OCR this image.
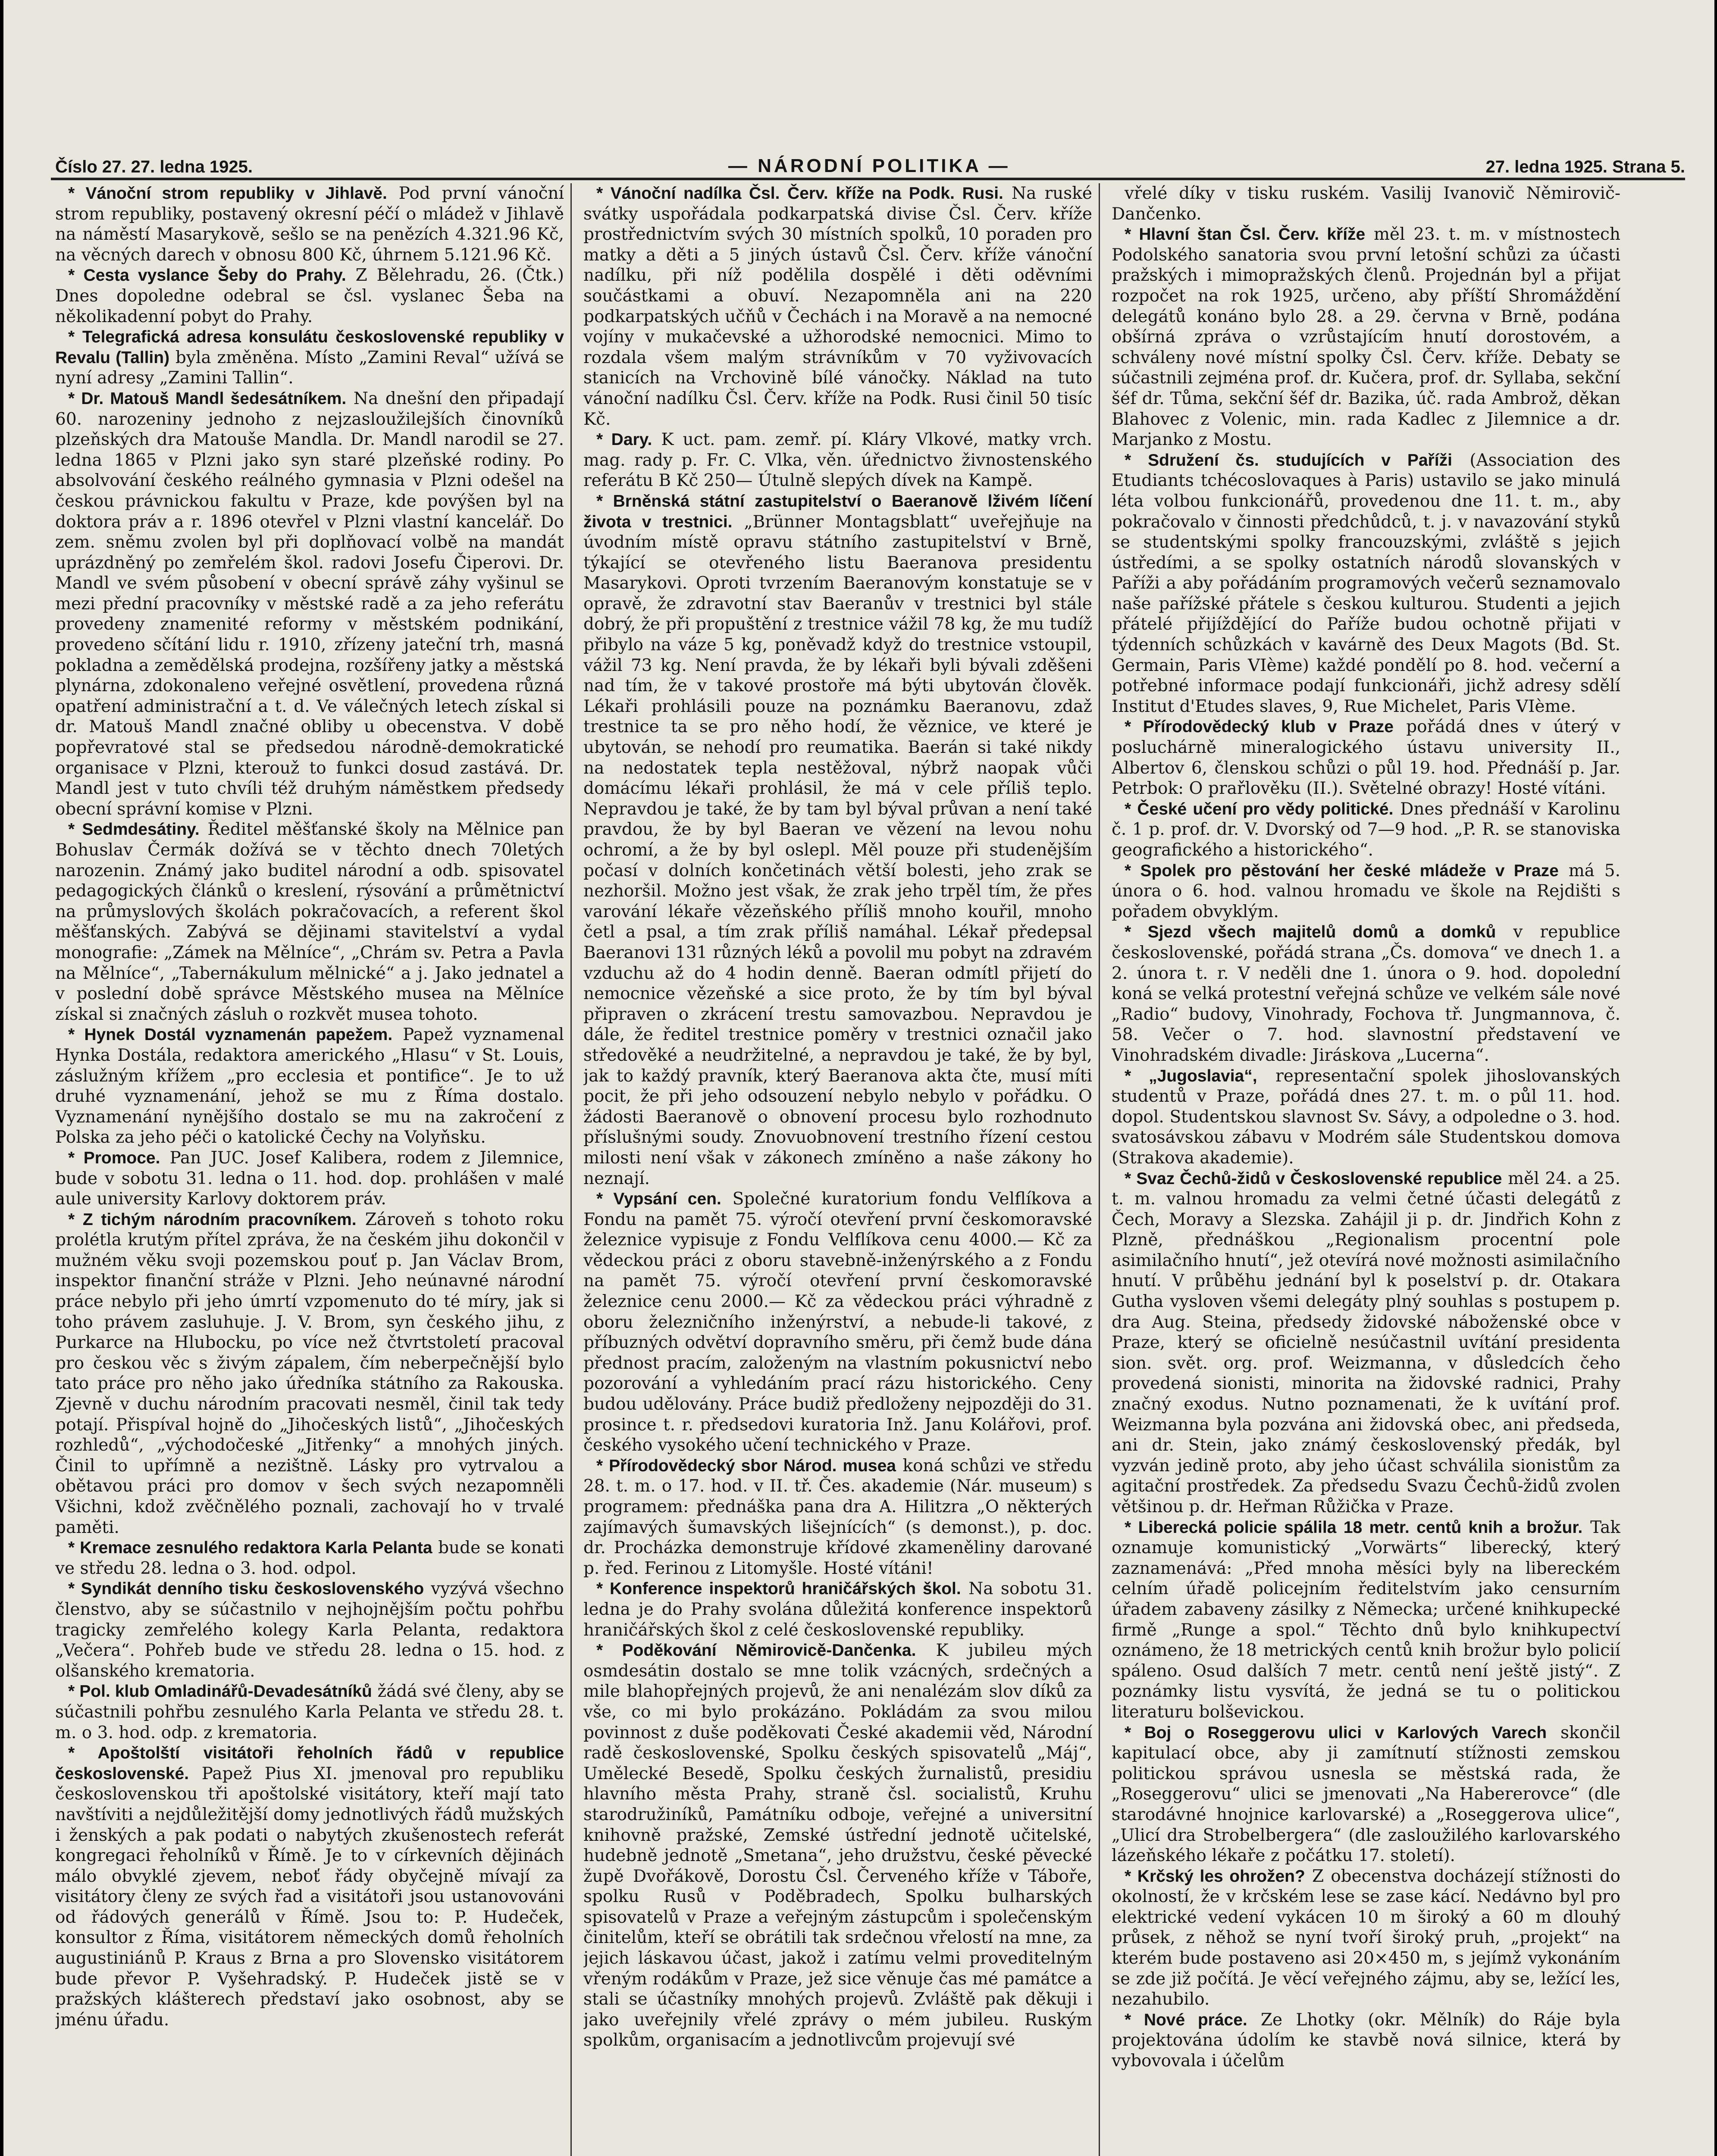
Číslo 27. 27. ledna 1925.	— NÁRODNÍ POLITIKA —	27. ledna 1925. Strana 5.

* Vánoční strom republiky v Jihlavě. Pod první vánoční strom republiky, postavený okresní péčí o mládež v Jihlavě na náměstí Masarykově, sešlo se na penězích 4.321.96 Kč, na věcných darech v obnosu 800 Kč, úhrnem 5.121.96 Kč.

* Cesta vyslance Šeby do Prahy. Z Bělehradu, 26. (Čtk.) Dnes dopoledne odebral se čsl. vyslanec Šeba na několikadenní pobyt do Prahy.

* Telegrafická adresa konsulátu československé republiky v Revalu (Tallin) byla změněna. Místo „Zamini Reval“ užívá se nyní adresy „Zamini Tallin“.

* Dr. Matouš Mandl šedesátníkem. Na dnešní den připadají 60. narozeniny jednoho z nejzasloužilejších činovníků plzeňských dra Matouše Mandla. Dr. Mandl narodil se 27. ledna 1865 v Plzni jako syn staré plzeňské rodiny. Po absolvování českého reálného gymnasia v Plzni odešel na českou právnickou fakultu v Praze, kde povýšen byl na doktora práv a r. 1896 otevřel v Plzni vlastní kancelář. Do zem. sněmu zvolen byl při doplňovací volbě na mandát uprázdněný po zemřelém škol. radovi Josefu Čiperovi. Dr. Mandl ve svém působení v obecní správě záhy vyšinul se mezi přední pracovníky v městské radě a za jeho referátu provedeny znamenité reformy v městském podnikání, provedeno sčítání lidu r. 1910, zřízeny jateční trh, masná pokladna a zemědělská prodejna, rozšířeny jatky a městská plynárna, zdokonaleno veřejné osvětlení, provedena různá opatření administrační a t. d. Ve válečných letech získal si dr. Matouš Mandl značné obliby u obecenstva. V době popřevratové stal se předsedou národně-demokratické organisace v Plzni, kterouž to funkci dosud zastává. Dr. Mandl jest v tuto chvíli též druhým náměstkem předsedy obecní správní komise v Plzni.

* Sedmdesátiny. Ředitel měšťanské školy na Mělnice pan Bohuslav Čermák dožívá se v těchto dnech 70letých narozenin. Známý jako buditel národní a odb. spisovatel pedagogických článků o kreslení, rýsování a průmětnictví na průmyslových školách pokračovacích, a referent škol měšťanských. Zabývá se dějinami stavitelství a vydal monografie: „Zámek na Mělníce“, „Chrám sv. Petra a Pavla na Mělníce“, „Tabernákulum mělnické“ a j. Jako jednatel a v poslední době správce Městského musea na Mělníce získal si značných zásluh o rozkvět musea tohoto.

* Hynek Dostál vyznamenán papežem. Papež vyznamenal Hynka Dostála, redaktora amerického „Hlasu“ v St. Louis, záslužným křížem „pro ecclesia et pontifice“. Je to už druhé vyznamenání, jehož se mu z Říma dostalo. Vyznamenání nynějšího dostalo se mu na zakročení z Polska za jeho péči o katolické Čechy na Volyňsku.

* Promoce. Pan JUC. Josef Kalibera, rodem z Jilemnice, bude v sobotu 31. ledna o 11. hod. dop. prohlášen v malé aule university Karlovy doktorem práv.

* Z tichým národním pracovníkem. Zároveň s tohoto roku prolétla krutým přítel zpráva, že na českém jihu dokončil v mužném věku svoji pozemskou pouť p. Jan Václav Brom, inspektor finanční stráže v Plzni. Jeho neúnavné národní práce nebylo při jeho úmrtí vzpomenuto do té míry, jak si toho právem zasluhuje. J. V. Brom, syn českého jihu, z Purkarce na Hlubocku, po více než čtvrtstoletí pracoval pro českou věc s živým zápalem, čím neberpečnější bylo tato práce pro něho jako úředníka státního za Rakouska. Zjevně v duchu národním pracovati nesměl, činil tak tedy potají. Přispíval hojně do „Jihočeských listů“, „Jihočeských rozhledů“, „východočeské „Jitřenky“ a mnohých jiných. Činil to upřímně a nezištně. Lásky pro vytrvalou a obětavou práci pro domov v šech svých nezapomněli Všichni, kdož zvěčnělého poznali, zachovají ho v trvalé paměti.

* Kremace zesnulého redaktora Karla Pelanta bude se konati ve středu 28. ledna o 3. hod. odpol.

* Syndikát denního tisku československého vyzývá všechno členstvo, aby se súčastnilo v nejhojnějším počtu pohřbu tragicky zemřelého kolegy Karla Pelanta, redaktora „Večera“. Pohřeb bude ve středu 28. ledna o 15. hod. z olšanského krematoria.

* Pol. klub Omladinářů-Devadesátníků žádá své členy, aby se súčastnili pohřbu zesnulého Karla Pelanta ve středu 28. t. m. o 3. hod. odp. z krematoria.

* Apoštolští visitátoři řeholních řádů v republice československé. Papež Pius XI. jmenoval pro republiku československou tři apoštolské visitátory, kteří mají tato navštíviti a nejdůležitější domy jednotlivých řádů mužských i ženských a pak podati o nabytých zkušenostech referát kongregaci řeholníků v Římě. Je to v církevních dějinách málo obvyklé zjevem, neboť řády obyčejně mívají za visitátory členy ze svých řad a visitátoři jsou ustanovováni od řádových generálů v Římě. Jsou to: P. Hudeček, konsultor z Říma, visitátorem německých domů řeholních augustiniánů P. Kraus z Brna a pro Slovensko visitátorem bude převor P. Vyšehradský. P. Hudeček jistě se v pražských klášterech představí jako osobnost, aby se jménu úřadu.

* Vánoční nadílka Čsl. Červ. kříže na Podk. Rusi. Na ruské svátky uspořádala podkarpatská divise Čsl. Červ. kříže prostřednictvím svých 30 místních spolků, 10 poraden pro matky a děti a 5 jiných ústavů Čsl. Červ. kříže vánoční nadílku, při níž podělila dospělé i děti oděvními součástkami a obuví. Nezapomněla ani na 220 podkarpatských učňů v Čechách i na Moravě a na nemocné vojíny v mukačevské a užhorodské nemocnici. Mimo to rozdala všem malým strávníkům v 70 vyživovacích stanicích na Vrchovině bílé vánočky. Náklad na tuto vánoční nadílku Čsl. Červ. kříže na Podk. Rusi činil 50 tisíc Kč.

* Dary. K uct. pam. zemř. pí. Kláry Vlkové, matky vrch. mag. rady p. Fr. C. Vlka, věn. úřednictvo živnostenského referátu B Kč 250— Útulně slepých dívek na Kampě.

* Brněnská státní zastupitelství o Baeranově lživém líčení života v trestnici. „Brünner Montagsblatt“ uveřejňuje na úvodním místě opravu státního zastupitelství v Brně, týkající se otevřeného listu Baeranova presidentu Masarykovi. Oproti tvrzením Baeranovým konstatuje se v opravě, že zdravotní stav Baeranův v trestnici byl stále dobrý, že při propuštění z trestnice vážil 78 kg, že mu tudíž přibylo na váze 5 kg, poněvadž když do trestnice vstoupil, vážil 73 kg. Není pravda, že by lékaři byli bývali zděšeni nad tím, že v takové prostoře má býti ubytován člověk. Lékaři prohlásili pouze na poznámku Baeranovu, zdaž trestnice ta se pro něho hodí, že věznice, ve které je ubytován, se nehodí pro reumatika. Baerán si také nikdy na nedostatek tepla nestěžoval, nýbrž naopak vůči domácímu lékaři prohlásil, že má v cele příliš teplo. Nepravdou je také, že by tam byl býval průvan a není také pravdou, že by byl Baeran ve vězení na levou nohu ochromí, a že by byl oslepl. Měl pouze při studenějším počasí v dolních končetinách větší bolesti, jeho zrak se nezhoršil. Možno jest však, že zrak jeho trpěl tím, že přes varování lékaře vězeňského příliš mnoho kouřil, mnoho četl a psal, a tím zrak příliš namáhal. Lékař předepsal Baeranovi 131 různých léků a povolil mu pobyt na zdravém vzduchu až do 4 hodin denně. Baeran odmítl přijetí do nemocnice vězeňské a sice proto, že by tím byl býval připraven o zkrácení trestu samovazbou. Nepravdou je dále, že ředitel trestnice poměry v trestnici označil jako středověké a neudržitelné, a nepravdou je také, že by byl, jak to každý pravník, který Baeranova akta čte, musí míti pocit, že při jeho odsouzení nebylo nebylo v pořádku. O žádosti Baeranově o obnovení procesu bylo rozhodnuto příslušnými soudy. Znovuobnovení trestního řízení cestou milosti není však v zákonech zmíněno a naše zákony ho neznají.

* Vypsání cen. Společné kuratorium fondu Velflíkova a Fondu na pamět 75. výročí otevření první českomoravské železnice vypisuje z Fondu Velflíkova cenu 4000.— Kč za vědeckou práci z oboru stavebně-inženýrského a z Fondu na pamět 75. výročí otevření první českomoravské železnice cenu 2000.— Kč za vědeckou práci výhradně z oboru železničního inženýrství, a nebude-li takové, z příbuzných odvětví dopravního směru, při čemž bude dána přednost pracím, založeným na vlastním pokusnictví nebo pozorování a vyhledáním prací rázu historického. Ceny budou udělovány. Práce budiž předloženy nejpozději do 31. prosince t. r. předsedovi kuratoria Inž. Janu Kolářovi, prof. českého vysokého učení technického v Praze.

* Přírodovědecký sbor Národ. musea koná schůzi ve středu 28. t. m. o 17. hod. v II. tř. Čes. akademie (Nár. museum) s programem: přednáška pana dra A. Hilitzra „O některých zajímavých šumavských lišejnících“ (s demonst.), p. doc. dr. Procházka demonstruje křídové zkameněliny darované p. řed. Ferinou z Litomyšle. Hosté vítáni!

* Konference inspektorů hraničářských škol. Na sobotu 31. ledna je do Prahy svolána důležitá konference inspektorů hraničářských škol z celé československé republiky.

* Poděkování Němirovicě-Dančenka. K jubileu mých osmdesátin dostalo se mne tolik vzácných, srdečných a mile blahopřejných projevů, že ani nenalézám slov díků za vše, co mi bylo prokázáno. Pokládám za svou milou povinnost z duše poděkovati České akademii věd, Národní radě československé, Spolku českých spisovatelů „Máj“, Umělecké Besedě, Spolku českých žurnalistů, presidiu hlavního města Prahy, straně čsl. socialistů, Kruhu starodružiníků, Památníku odboje, veřejné a universitní knihovně pražské, Zemské ústřední jednotě učitelské, hudebně jednotě „Smetana“, jeho družstvu, české pěvecké župě Dvořákově, Dorostu Čsl. Červeného kříže v Táboře, spolku Rusů v Poděbradech, Spolku bulharských spisovatelů v Praze a veřejným zástupcům i společenským činitelům, kteří se obrátili tak srdečnou vřelostí na mne, za jejich láskavou účast, jakož i zatímu velmi proveditelným vřeným rodákům v Praze, jež sice věnuje čas mé památce a stali se účastníky mnohých projevů. Zvláště pak děkuji i jako uveřejnily vřelé zprávy o mém jubileu. Ruským spolkům, organisacím a jednotlivcům projevují své

vřelé díky v tisku ruském. Vasilij Ivanovič Němirovič-Dančenko.

* Hlavní štan Čsl. Červ. kříže měl 23. t. m. v místnostech Podolského sanatoria svou první letošní schůzi za účasti pražských i mimopražských členů. Projednán byl a přijat rozpočet na rok 1925, určeno, aby příští Shromáždění delegátů konáno bylo 28. a 29. června v Brně, podána obšírná zpráva o vzrůstajícím hnutí dorostovém, a schváleny nové místní spolky Čsl. Červ. kříže. Debaty se súčastnili zejména prof. dr. Kučera, prof. dr. Syllaba, sekční šéf dr. Tůma, sekční šéf dr. Bazika, úč. rada Ambrož, děkan Blahovec z Volenic, min. rada Kadlec z Jilemnice a dr. Marjanko z Mostu.

* Sdružení čs. studujících v Paříži (Association des Etudiants tchécoslovaques à Paris) ustavilo se jako minulá léta volbou funkcionářů, provedenou dne 11. t. m., aby pokračovalo v činnosti předchůdců, t. j. v navazování styků se studentskými spolky francouzskými, zvláště s jejich ústředími, a se spolky ostatních národů slovanských v Paříži a aby pořádáním programových večerů seznamovalo naše pařížské přátele s českou kulturou. Studenti a jejich přátelé přijíždějící do Paříže budou ochotně přijati v týdenních schůzkách v kavárně des Deux Magots (Bd. St. Germain, Paris VIème) každé pondělí po 8. hod. večerní a potřebné informace podají funkcionáři, jichž adresy sdělí Institut d'Etudes slaves, 9, Rue Michelet, Paris VIème.

* Přírodovědecký klub v Praze pořádá dnes v úterý v posluchárně mineralogického ústavu university II., Albertov 6, členskou schůzi o půl 19. hod. Přednáší p. Jar. Petrbok: O prařlověku (II.). Světelné obrazy! Hosté vítáni.

* České učení pro vědy politické. Dnes přednáší v Karolinu č. 1 p. prof. dr. V. Dvorský od 7—9 hod. „P. R. se stanoviska geografického a historického“.

* Spolek pro pěstování her české mládeže v Praze má 5. února o 6. hod. valnou hromadu ve škole na Rejdišti s pořadem obvyklým.

* Sjezd všech majitelů domů a domků v republice československé, pořádá strana „Čs. domova“ ve dnech 1. a 2. února t. r. V neděli dne 1. února o 9. hod. dopolední koná se velká protestní veřejná schůze ve velkém sále nové „Radio“ budovy, Vinohrady, Fochova tř. Jungmannova, č. 58. Večer o 7. hod. slavnostní představení ve Vinohradském divadle: Jiráskova „Lucerna“.

* „Jugoslavia“, representační spolek jihoslovanských studentů v Praze, pořádá dnes 27. t. m. o půl 11. hod. dopol. Studentskou slavnost Sv. Sávy, a odpoledne o 3. hod. svatosávskou zábavu v Modrém sále Studentskou domova (Strakova akademie).

* Svaz Čechů-židů v Československé republice měl 24. a 25. t. m. valnou hromadu za velmi četné účasti delegátů z Čech, Moravy a Slezska. Zahájil ji p. dr. Jindřich Kohn z Plzně, přednáškou „Regionalism procentní pole asimilačního hnutí“, jež otevírá nové možnosti asimilačního hnutí. V průběhu jednání byl k poselství p. dr. Otakara Gutha vysloven všemi delegáty plný souhlas s postupem p. dra Aug. Steina, předsedy židovské náboženské obce v Praze, který se oficielně nesúčastnil uvítání presidenta sion. svět. org. prof. Weizmanna, v důsledcích čeho provedená sionisti, minorita na židovské radnici, Prahy značný exodus. Nutno poznamenati, že k uvítání prof. Weizmanna byla pozvána ani židovská obec, ani předseda, ani dr. Stein, jako známý československý předák, byl vyzván jedině proto, aby jeho účast schválila sionistům za agitační prostředek. Za předsedu Svazu Čechů-židů zvolen většinou p. dr. Heřman Růžička v Praze.

* Liberecká policie spálila 18 metr. centů knih a brožur. Tak oznamuje komunistický „Vorwärts“ liberecký, který zaznamenává: „Před mnoha měsíci byly na libereckém celním úřadě policejním ředitelstvím jako censurním úřadem zabaveny zásilky z Německa; určené knihkupecké firmě „Runge a spol.“ Těchto dnů bylo knihkupectví oznámeno, že 18 metrických centů knih brožur bylo policií spáleno. Osud dalších 7 metr. centů není ještě jistý“. Z poznámky listu vysvítá, že jedná se tu o politickou literaturu bolševickou.

* Boj o Roseggerovu ulici v Karlových Varech skončil kapitulací obce, aby ji zamítnutí stížnosti zemskou politickou správou usnesla se městská rada, že „Roseggerovu“ ulici se jmenovati „Na Habererovce“ (dle starodávné hnojnice karlovarské) a „Roseggerova ulice“, „Ulicí dra Strobelbergera“ (dle zasloužilého karlovarského lázeňského lékaře z počátku 17. století).

* Krčský les ohrožen? Z obecenstva docházejí stížnosti do okolností, že v krčském lese se zase kácí. Nedávno byl pro elektrické vedení vykácen 10 m široký a 60 m dlouhý průsek, z něhož se nyní tvoří široký pruh, „projekt“ na kterém bude postaveno asi 20×450 m, s jejímž vykonáním se zde již počítá. Je věcí veřejného zájmu, aby se, ležící les, nezahubilo.

* Nové práce. Ze Lhotky (okr. Mělník) do Ráje byla projektována údolím ke stavbě nová silnice, která by vybovovala i účelům
